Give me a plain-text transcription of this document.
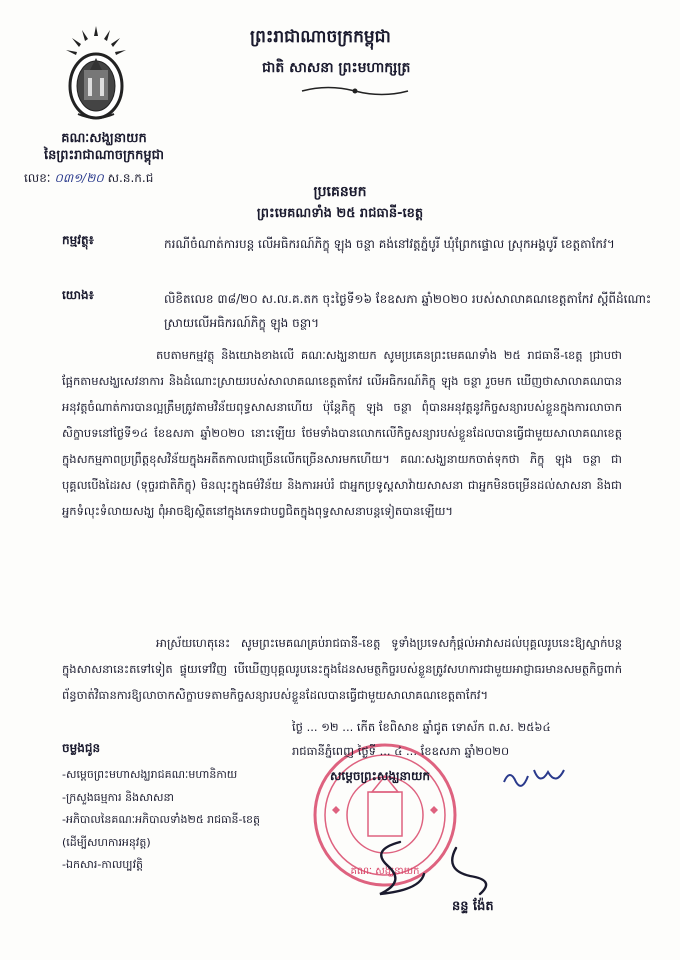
គណៈសង្ឃនាយក
នៃព្រះរាជាណាចក្រកម្ពុជា
លេខៈ ០៣១/២០ ស.ន.ក.ជ
ព្រះរាជាណាចក្រកម្ពុជា
ជាតិ សាសនា ព្រះមហាក្សត្រ
ប្រគេនមក
ព្រះមេគណទាំង ២៥ រាជធានី-ខេត្ត
កម្មវត្ថុ៖	ករណីចំណាត់ការបន្ត លើអធិករណ៍ភិក្ខុ ឡុង ចន្ថា គង់នៅវត្តភ្នំបូរី ឃុំព្រែកផ្ទោល ស្រុកអង្គបូរី ខេត្តតាកែវ។
យោង៖	លិខិតលេខ ៣៨/២០ ស.ល.គ.តក ចុះថ្ងៃទី១៦ ខែឧសភា ឆ្នាំ២០២០ របស់សាលាគណខេត្តតាកែវ ស្តីពីដំណោះស្រាយលើអធិករណ៍ភិក្ខុ ឡុង ចន្ថា។
តបតាមកម្មវត្ថុ និងយោងខាងលើ គណៈសង្ឃនាយក សូមប្រគេនព្រះមេគណទាំង ២៥ រាជធានី-ខេត្ត ជ្រាបថា ផ្អែកតាមសង្ឃសេវនាការ និងដំណោះស្រាយរបស់សាលាគណខេត្តតាកែវ លើអធិករណ៍ភិក្ខុ ឡុង ចន្ថា រួចមក ឃើញថាសាលាគណបានអនុវត្តចំណាត់ការបានល្អត្រឹមត្រូវតាមវិន័យពុទ្ធសាសនាហើយ ប៉ុន្តែភិក្ខុ ឡុង ចន្ថា ពុំបានអនុវត្តនូវកិច្ចសន្យារបស់ខ្លួនក្នុងការលាចាកសិក្ខាបទនៅថ្ងៃទី១៤ ខែឧសភា ឆ្នាំ២០២០ នោះឡើយ ថែមទាំងបានលោកលើកិច្ចសន្យារបស់ខ្លួនដែលបានធ្វើជាមួយសាលាគណខេត្ត ក្នុងសកម្មភាពប្រព្រឹត្តខុសវិន័យក្នុងអតីតកាលជាច្រើនលើកច្រើនសារមកហើយ។ គណៈសង្ឃនាយកចាត់ទុកថា ភិក្ខុ ឡុង ចន្ថា ជាបុគ្គលបើងដៃរស (ទុច្ចរជាតិភិក្ខុ) មិនលុះក្នុងធម៌វិន័យ និងការអប់រំ ជាអ្នកប្រទូស្តសាវ៉ាយសាសនា ជាអ្នកមិនចម្រើនដល់សាសនា និងជាអ្នកទំលុះទំលាយសង្ឃ ពុំអាចឱ្យស្ថិតនៅក្នុងភេទជាបព្វជិតក្នុងពុទ្ធសាសនាបន្តទៀតបានឡើយ។
អាស្រ័យហេតុនេះ សូមព្រះមេគណគ្រប់រាជធានី-ខេត្ត ទូទាំងប្រទេសកុំផ្តល់អាវាសដល់បុគ្គលរូបនេះឱ្យស្នាក់បន្តក្នុងសាសនានេះតទៅទៀត ផ្ទុយទៅវិញ បើឃើញបុគ្គលរូបនេះក្នុងដែនសមត្ថកិច្ចរបស់ខ្លួនត្រូវសហការជាមួយអាជ្ញាធរមានសមត្ថកិច្ចពាក់ព័ន្ធចាត់វិធានការឱ្យលាចាកសិក្ខាបទតាមកិច្ចសន្យារបស់ខ្លួនដែលបានធ្វើជាមួយសាលាគណខេត្តតាកែវ។
គណៈ សង្ឃនាយក
ថ្ងៃ ... ១២ ... កើត ខែពិសាខ ឆ្នាំជូត ទោស័ក ព.ស. ២៥៦៤
រាជធានីភ្នំពេញ ថ្ងៃទី ... ៤ ... ខែឧសភា ឆ្នាំ២០២០
សម្តេចព្រះសង្ឃនាយក
នន្ទ ង៉ែត
ចម្លងជូន
-សម្តេចព្រះមហាសង្ឃរាជគណៈមហានិកាយ
-ក្រសួងធម្មការ និងសាសនា
-អភិបាលនៃគណៈអភិបាលទាំង២៥ រាជធានី-ខេត្ត
(ដើម្បីសហការអនុវត្ត)
-ឯកសារ-កាលប្បវត្តិ
